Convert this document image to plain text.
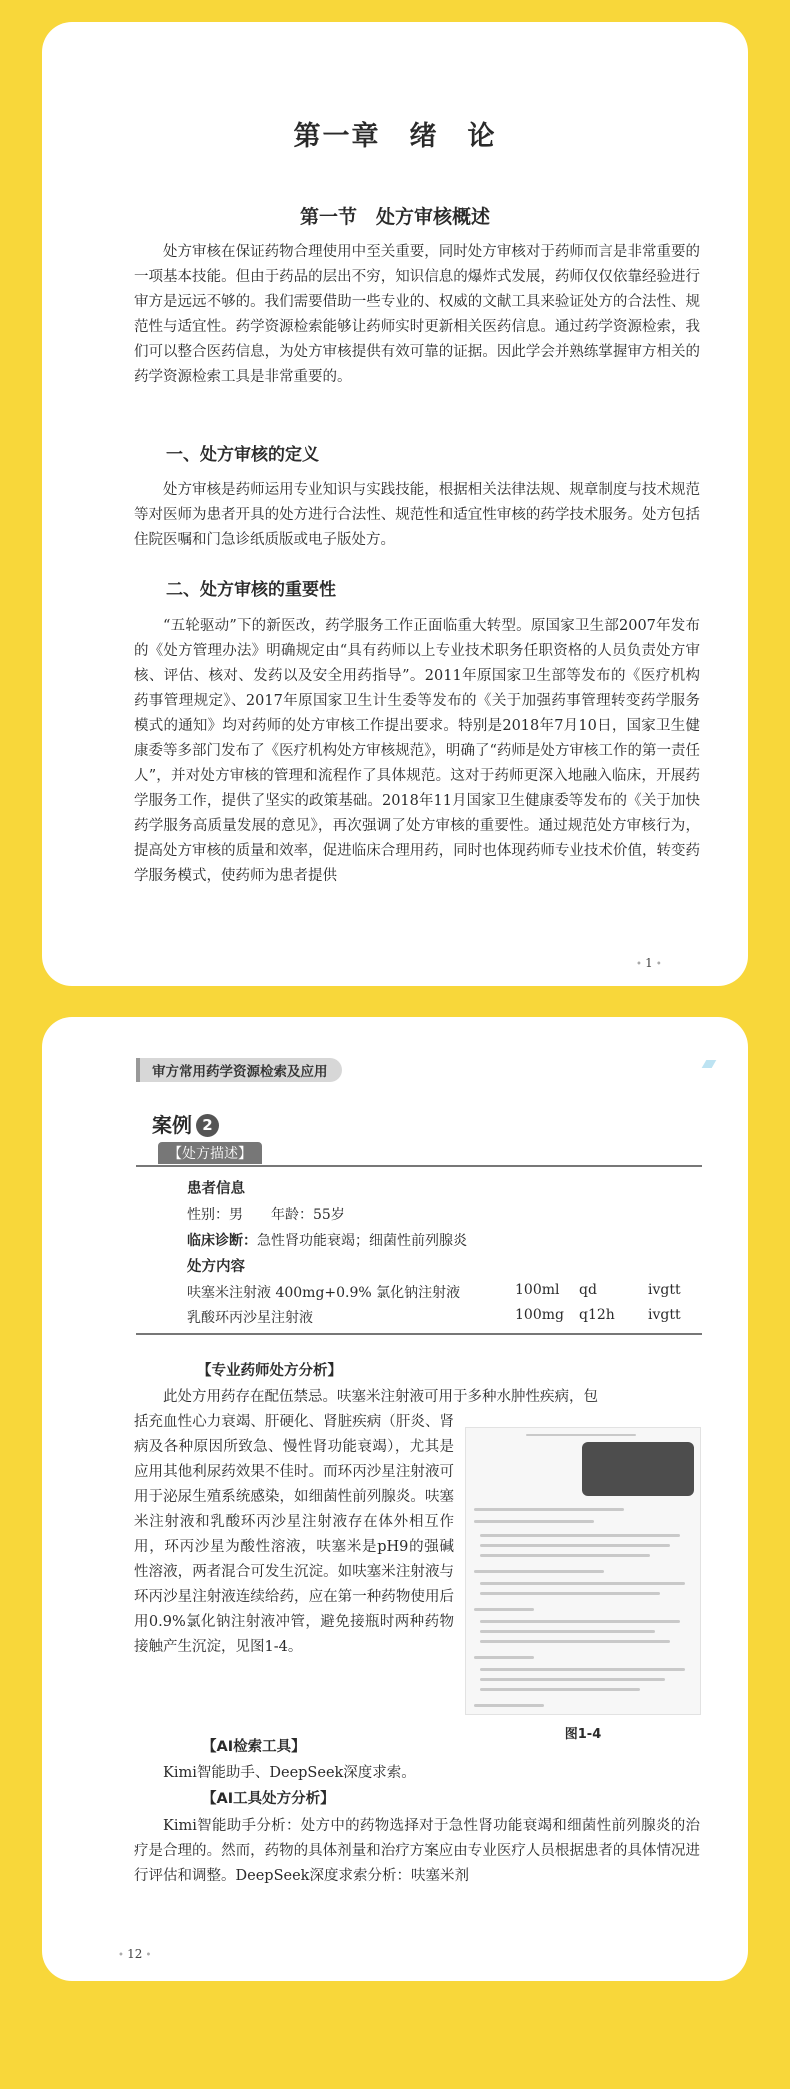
第一章　绪　论
第一节　处方审核概述

处方审核在保证药物合理使用中至关重要，同时处方审核对于药师而言是非常重要的一项基本技能。但由于药品的层出不穷，知识信息的爆炸式发展，药师仅仅依靠经验进行审方是远远不够的。我们需要借助一些专业的、权威的文献工具来验证处方的合法性、规范性与适宜性。药学资源检索能够让药师实时更新相关医药信息。通过药学资源检索，我们可以整合医药信息，为处方审核提供有效可靠的证据。因此学会并熟练掌握审方相关的药学资源检索工具是非常重要的。

一、处方审核的定义

处方审核是药师运用专业知识与实践技能，根据相关法律法规、规章制度与技术规范等对医师为患者开具的处方进行合法性、规范性和适宜性审核的药学技术服务。处方包括住院医嘱和门急诊纸质版或电子版处方。

二、处方审核的重要性

“五轮驱动”下的新医改，药学服务工作正面临重大转型。原国家卫生部2007年发布的《处方管理办法》明确规定由“具有药师以上专业技术职务任职资格的人员负责处方审核、评估、核对、发药以及安全用药指导”。2011年原国家卫生部等发布的《医疗机构药事管理规定》、2017年原国家卫生计生委等发布的《关于加强药事管理转变药学服务模式的通知》均对药师的处方审核工作提出要求。特别是2018年7月10日，国家卫生健康委等多部门发布了《医疗机构处方审核规范》，明确了“药师是处方审核工作的第一责任人”，并对处方审核的管理和流程作了具体规范。这对于药师更深入地融入临床，开展药学服务工作，提供了坚实的政策基础。2018年11月国家卫生健康委等发布的《关于加快药学服务高质量发展的意见》，再次强调了处方审核的重要性。通过规范处方审核行为，提高处方审核的质量和效率，促进临床合理用药，同时也体现药师专业技术价值，转变药学服务模式，使药师为患者提供

• 1 •
审方常用药学资源检索及应用
案例 2
【处方描述】
患者信息
性别：男　　年龄：55岁
临床诊断：急性肾功能衰竭；细菌性前列腺炎
处方内容
呋塞米注射液 400mg+0.9% 氯化钠注射液	100ml qd	ivgtt
乳酸环丙沙星注射液	100mg q12h ivgtt
【专业药师处方分析】

此处方用药存在配伍禁忌。呋塞米注射液可用于多种水肿性疾病，包

括充血性心力衰竭、肝硬化、肾脏疾病（肝炎、肾病及各种原因所致急、慢性肾功能衰竭），尤其是应用其他利尿药效果不佳时。而环丙沙星注射液可用于泌尿生殖系统感染，如细菌性前列腺炎。呋塞米注射液和乳酸环丙沙星注射液存在体外相互作用，环丙沙星为酸性溶液，呋塞米是pH9的强碱性溶液，两者混合可发生沉淀。如呋塞米注射液与环丙沙星注射液连续给药，应在第一种药物使用后用0.9%氯化钠注射液冲管，避免接瓶时两种药物接触产生沉淀，见图1-4。

图1-4
【AI检索工具】

Kimi智能助手、DeepSeek深度求索。

【AI工具处方分析】

Kimi智能助手分析：处方中的药物选择对于急性肾功能衰竭和细菌性前列腺炎的治疗是合理的。然而，药物的具体剂量和治疗方案应由专业医疗人员根据患者的具体情况进行评估和调整。DeepSeek深度求索分析：呋塞米剂

• 12 •
